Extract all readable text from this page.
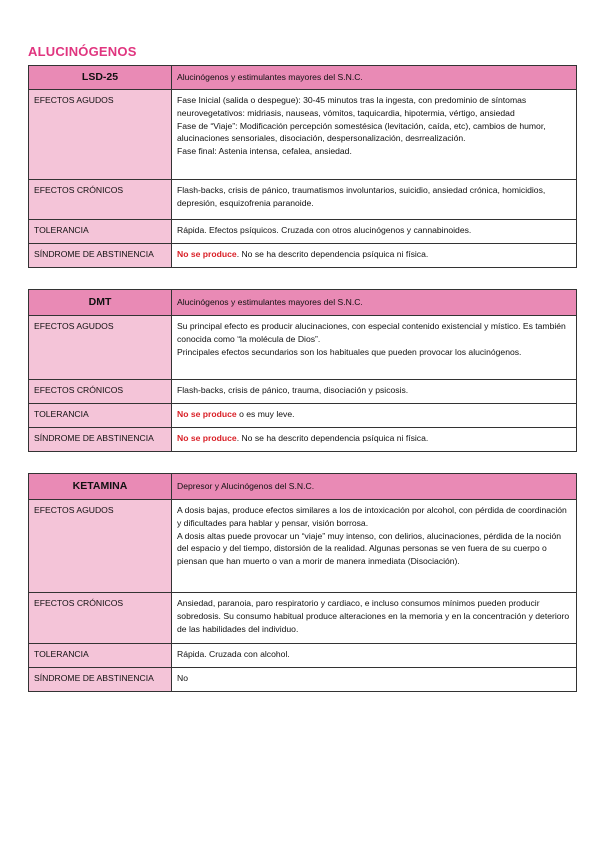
ALUCINÓGENOS
LSD-25	Alucinógenos y estimulantes mayores del S.N.C.
EFECTOS AGUDOS	Fase Inicial (salida o despegue): 30-45 minutos tras la ingesta, con predominio de síntomas neurovegetativos: midriasis, nauseas, vómitos, taquicardia, hipotermia, vértigo, ansiedad
Fase de “Viaje”: Modificación percepción somestésica (levitación, caída, etc), cambios de humor, alucinaciones sensoriales, disociación, despersonalización, desrrealización.
Fase final: Astenia intensa, cefalea, ansiedad.

EFECTOS CRÓNICOS	Flash-backs, crisis de pánico, traumatismos involuntarios, suicidio, ansiedad crónica, homicidios, depresión, esquizofrenia paranoide.
TOLERANCIA	Rápida. Efectos psíquicos. Cruzada con otros alucinógenos y cannabinoides.
SÍNDROME DE ABSTINENCIA	No se produce. No se ha descrito dependencia psíquica ni física.
DMT	Alucinógenos y estimulantes mayores del S.N.C.
EFECTOS AGUDOS	Su principal efecto es producir alucinaciones, con especial contenido existencial y místico. Es también conocida como “la molécula de Dios”.
Principales efectos secundarios son los habituales que pueden provocar los alucinógenos.

EFECTOS CRÓNICOS	Flash-backs, crisis de pánico, trauma, disociación y psicosis.
TOLERANCIA	No se produce o es muy leve.
SÍNDROME DE ABSTINENCIA	No se produce. No se ha descrito dependencia psíquica ni física.
KETAMINA	Depresor y Alucinógenos del S.N.C.
EFECTOS AGUDOS	A dosis bajas, produce efectos similares a los de intoxicación por alcohol, con pérdida de coordinación y dificultades para hablar y pensar, visión borrosa.
A dosis altas puede provocar un “viaje” muy intenso, con delirios, alucinaciones, pérdida de la noción del espacio y del tiempo, distorsión de la realidad. Algunas personas se ven fuera de su cuerpo o piensan que han muerto o van a morir de manera inmediata (Disociación).

EFECTOS CRÓNICOS	Ansiedad, paranoia, paro respiratorio y cardiaco, e incluso consumos mínimos pueden producir sobredosis. Su consumo habitual produce alteraciones en la memoria y en la concentración y deterioro de las habilidades del individuo.
TOLERANCIA	Rápida. Cruzada con alcohol.
SÍNDROME DE ABSTINENCIA	No
